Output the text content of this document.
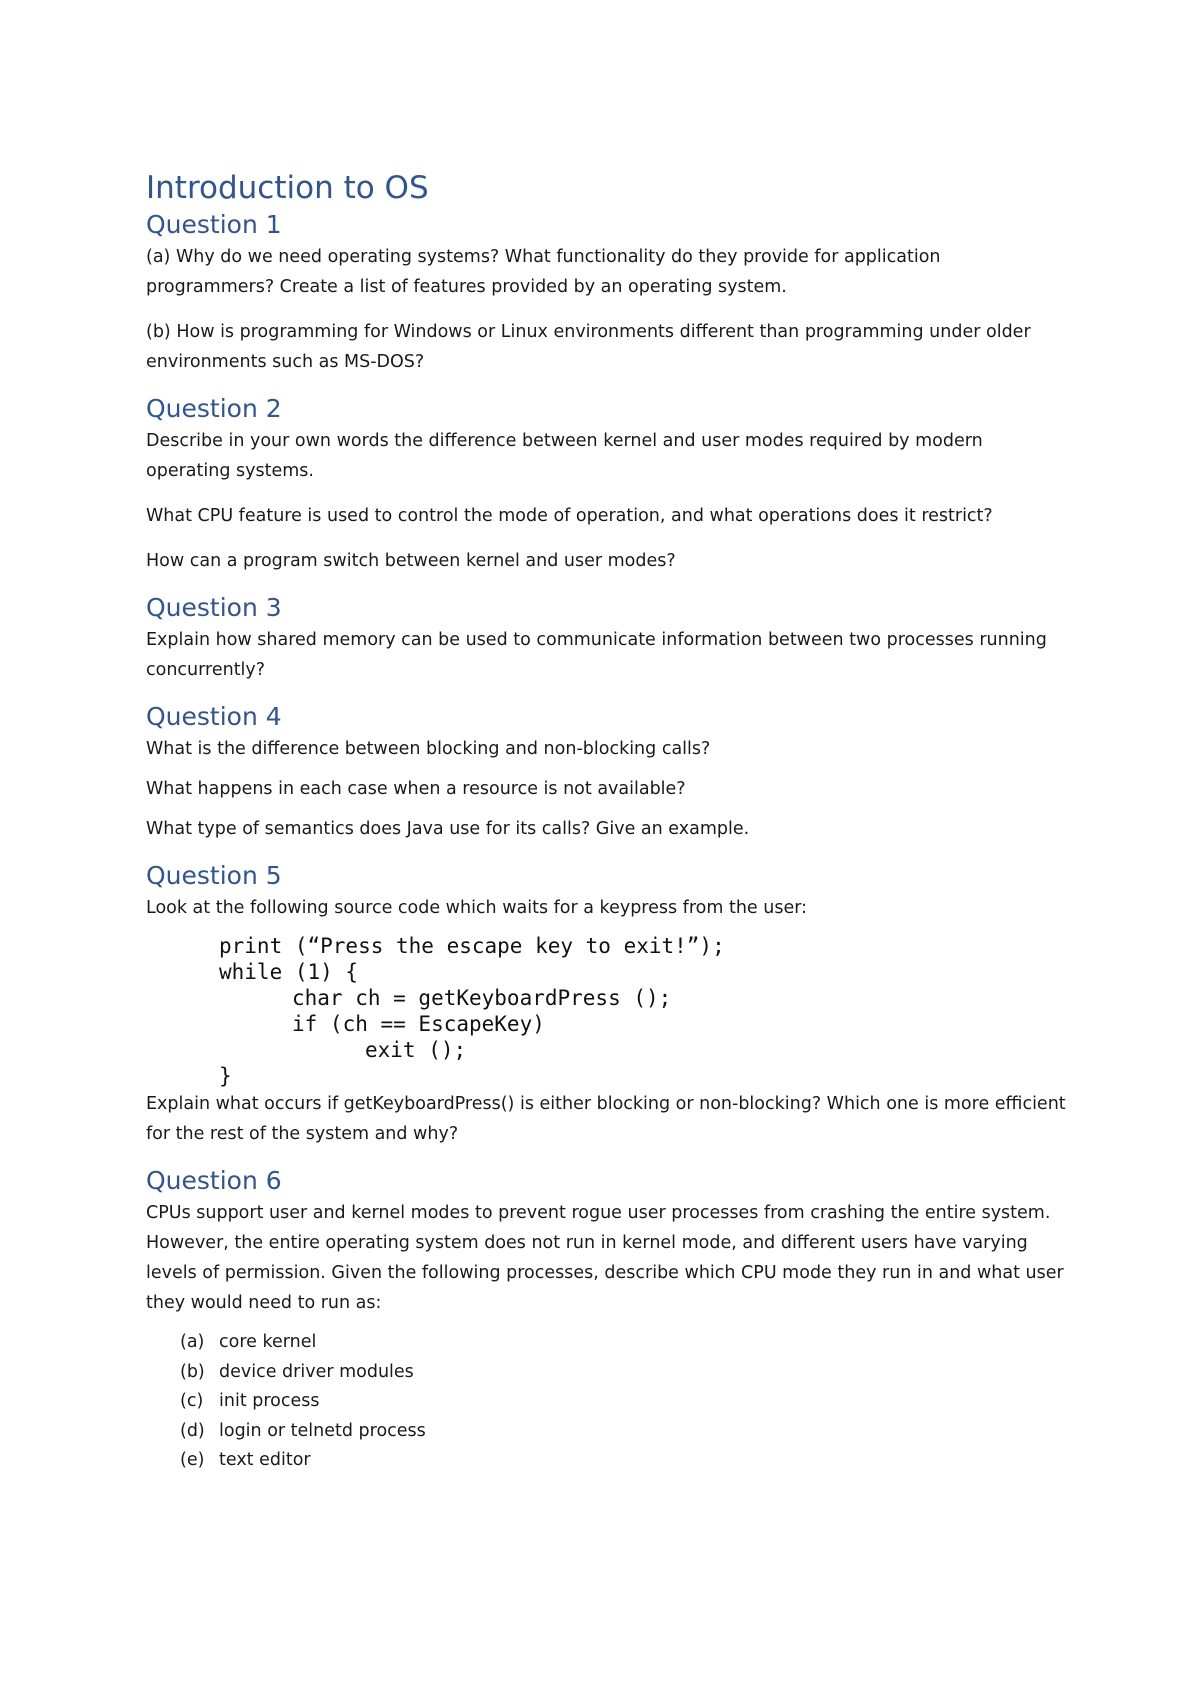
Introduction to OS
Question 1

(a) Why do we need operating systems? What functionality do they provide for application programmers? Create a list of features provided by an operating system.

(b) How is programming for Windows or Linux environments different than programming under older environments such as MS-DOS?

Question 2

Describe in your own words the difference between kernel and user modes required by modern operating systems.

What CPU feature is used to control the mode of operation, and what operations does it restrict?

How can a program switch between kernel and user modes?

Question 3

Explain how shared memory can be used to communicate information between two processes running concurrently?

Question 4

What is the difference between blocking and non-blocking calls?

What happens in each case when a resource is not available?

What type of semantics does Java use for its calls? Give an example.

Question 5

Look at the following source code which waits for a keypress from the user:

print (“Press the escape key to exit!”);
while (1) {
char ch = getKeyboardPress ();
if (ch == EscapeKey)
exit ();
}

Explain what occurs if getKeyboardPress() is either blocking or non-blocking? Which one is more efficient for the rest of the system and why?

Question 6

CPUs support user and kernel modes to prevent rogue user processes from crashing the entire system. However, the entire operating system does not run in kernel mode, and different users have varying levels of permission. Given the following processes, describe which CPU mode they run in and what user they would need to run as:

(a) core kernel
(b) device driver modules
(c) init process
(d) login or telnetd process
(e) text editor
